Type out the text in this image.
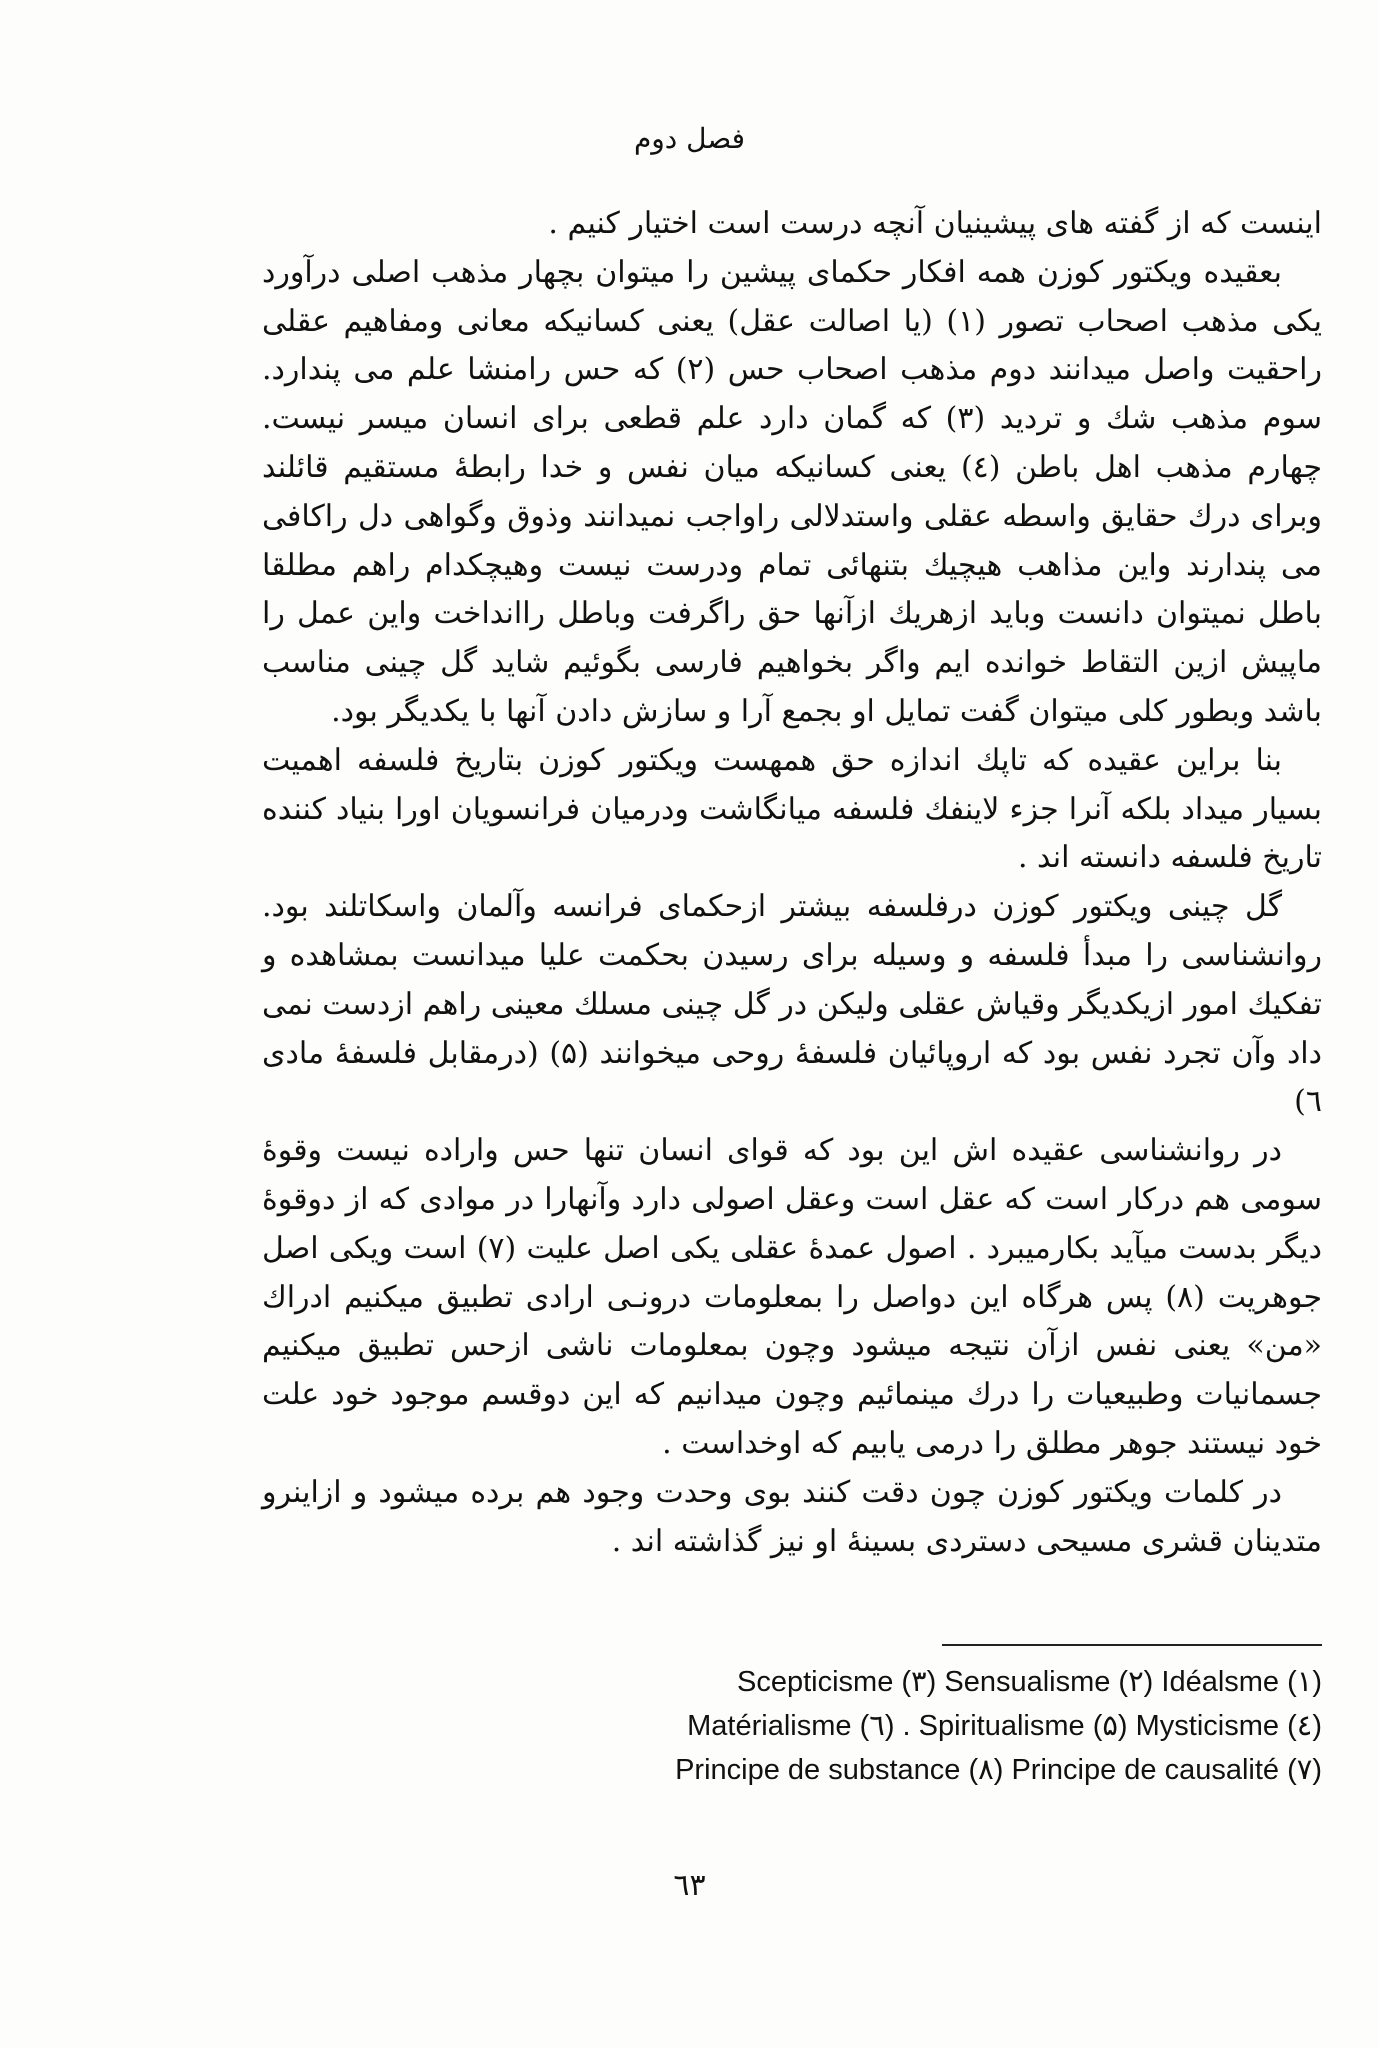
فصل دوم

اینست که از گفته های پیشینیان آنچه درست است اختیار کنیم .

بعقیده ویکتور کوزن همه افکار حکمای پیشین را میتوان بچهار مذهب اصلی درآورد یکی مذهب اصحاب تصور (۱) (یا اصالت عقل) یعنی کسانیکه معانی ومفاهیم عقلی راحقیت واصل میدانند دوم مذهب اصحاب حس (۲) که حس رامنشا علم می پندارد. سوم مذهب شك و تردید (۳) که گمان دارد علم قطعی برای انسان میسر نیست. چهارم مذهب اهل باطن (٤) یعنی کسانیکه میان نفس و خدا رابطهٔ مستقیم قائلند وبرای درك حقایق واسطه عقلی واستدلالی راواجب نمیدانند وذوق وگواهی دل راکافی می پندارند واین مذاهب هیچیك بتنهائی تمام ودرست نیست وهیچکدام راهم مطلقا باطل نمیتوان دانست وباید ازهریك ازآنها حق راگرفت وباطل راانداخت واین عمل را ماپیش ازین التقاط خوانده ایم واگر بخواهیم فارسی بگوئیم شاید گل چینی مناسب باشد وبطور کلی میتوان گفت تمایل او بجمع آرا و سازش دادن آنها با یکدیگر بود.

بنا براین عقیده که تاپك اندازه حق همهست ویکتور کوزن بتاریخ فلسفه اهمیت بسیار میداد بلکه آنرا جزء لاینفك فلسفه میانگاشت ودرمیان فرانسویان اورا بنیاد کننده تاریخ فلسفه دانسته اند .

گل چینی ویکتور کوزن درفلسفه بیشتر ازحکمای فرانسه وآلمان واسکاتلند بود. روانشناسی را مبدأ فلسفه و وسیله برای رسیدن بحکمت علیا میدانست بمشاهده و تفکیك امور ازیکدیگر وقیاش عقلی ولیکن در گل چینی مسلك معینی راهم ازدست نمی داد وآن تجرد نفس بود که اروپائیان فلسفهٔ روحی میخوانند (۵) (درمقابل فلسفهٔ مادی ٦)

در روانشناسی عقیده اش این بود که قوای انسان تنها حس واراده نیست وقوهٔ سومی هم درکار است که عقل است وعقل اصولی دارد وآنهارا در موادی که از دوقوهٔ دیگر بدست میآید بکارمیبرد . اصول عمدهٔ عقلی یکی اصل علیت (۷) است ویکی اصل جوهریت (۸) پس هرگاه این دواصل را بمعلومات درونـی ارادی تطبیق میکنیم ادراك «من» یعنی نفس ازآن نتیجه میشود وچون بمعلومات ناشی ازحس تطبیق میکنیم جسمانیات وطبیعیات را درك مینمائیم وچون میدانیم که این دوقسم موجود خود علت خود نیستند جوهر مطلق را درمی یابیم که اوخداست .

در کلمات ویکتور کوزن چون دقت کنند بوی وحدت وجود هم برده میشود و ازاینرو متدینان قشری مسیحی دستردی بسینهٔ او نیز گذاشته اند .

Scepticisme (۳) Sensualisme (۲) Idéalsme (۱)
Matérialisme (٦) . Spiritualisme (۵) Mysticisme (٤)
Principe de substance (۸) Principe de causalité (۷)
٦٣
